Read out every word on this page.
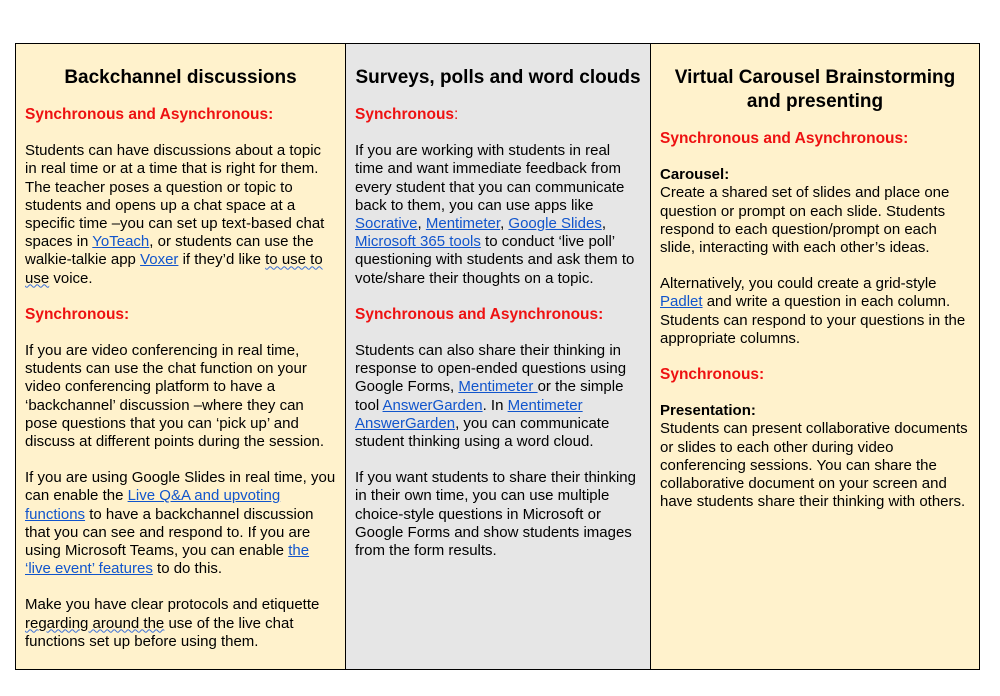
Backchannel discussions
Synchronous and Asynchronous:

Students can have discussions about a topic in real time or at a time that is right for them. The teacher poses a question or topic to students and opens up a chat space at a specific time –you can set up text-based chat spaces in YoTeach, or students can use the walkie-talkie app Voxer if they’d like to use to use voice.

Synchronous:

If you are video conferencing in real time, students can use the chat function on your video conferencing platform to have a ‘backchannel’ discussion –where they can pose questions that you can ‘pick up’ and discuss at different points during the session.

If you are using Google Slides in real time, you can enable the Live Q&A and upvoting functions to have a backchannel discussion that you can see and respond to. If you are using Microsoft Teams, you can enable the ‘live event’ features to do this.

Make you have clear protocols and etiquette regarding around the use of the live chat functions set up before using them.

Surveys, polls and word clouds
Synchronous:

If you are working with students in real time and want immediate feedback from every student that you can communicate back to them, you can use apps like Socrative, Mentimeter, Google Slides, Microsoft 365 tools to conduct ‘live poll’ questioning with students and ask them to vote/share their thoughts on a topic.

Synchronous and Asynchronous:

Students can also share their thinking in response to open-ended questions using Google Forms, Mentimeter or the simple tool AnswerGarden. In Mentimeter AnswerGarden, you can communicate student thinking using a word cloud.

If you want students to share their thinking in their own time, you can use multiple choice-style questions in Microsoft or Google Forms and show students images from the form results.

Virtual Carousel Brainstorming and presenting
Synchronous and Asynchronous:

Carousel:
Create a shared set of slides and place one question or prompt on each slide. Students respond to each question/prompt on each slide, interacting with each other’s ideas.

Alternatively, you could create a grid-style Padlet and write a question in each column. Students can respond to your questions in the appropriate columns.

Synchronous:

Presentation:
Students can present collaborative documents or slides to each other during video conferencing sessions. You can share the collaborative document on your screen and have students share their thinking with others.
